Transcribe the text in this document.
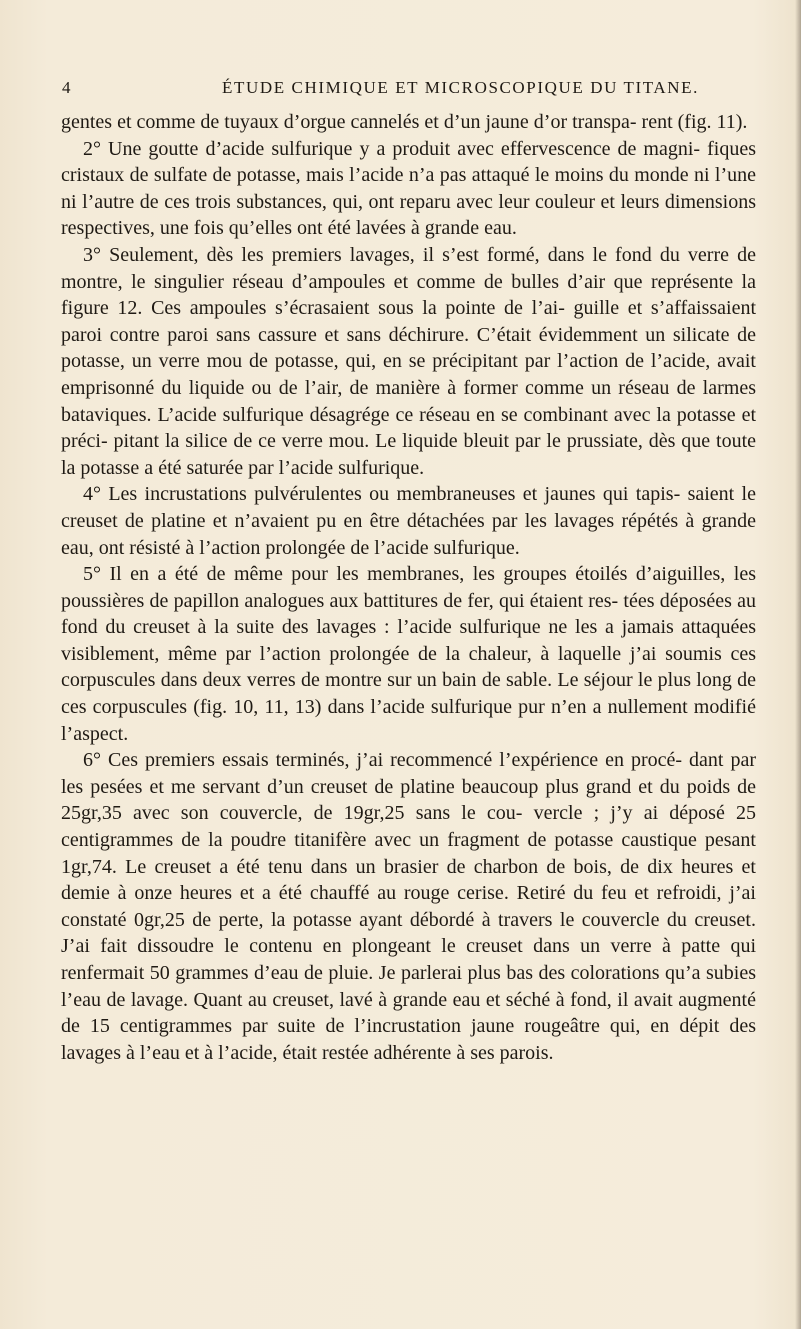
4	ÉTUDE CHIMIQUE ET MICROSCOPIQUE DU TITANE.

gentes et comme de tuyaux d’orgue cannelés et d’un jaune d’or transpa- rent (fig. 11).

2° Une goutte d’acide sulfurique y a produit avec effervescence de magni- fiques cristaux de sulfate de potasse, mais l’acide n’a pas attaqué le moins du monde ni l’une ni l’autre de ces trois substances, qui, ont reparu avec leur couleur et leurs dimensions respectives, une fois qu’elles ont été lavées à grande eau.

3° Seulement, dès les premiers lavages, il s’est formé, dans le fond du verre de montre, le singulier réseau d’ampoules et comme de bulles d’air que représente la figure 12. Ces ampoules s’écrasaient sous la pointe de l’ai- guille et s’affaissaient paroi contre paroi sans cassure et sans déchirure. C’était évidemment un silicate de potasse, un verre mou de potasse, qui, en se précipitant par l’action de l’acide, avait emprisonné du liquide ou de l’air, de manière à former comme un réseau de larmes bataviques. L’acide sulfurique désagrége ce réseau en se combinant avec la potasse et préci- pitant la silice de ce verre mou. Le liquide bleuit par le prussiate, dès que toute la potasse a été saturée par l’acide sulfurique.

4° Les incrustations pulvérulentes ou membraneuses et jaunes qui tapis- saient le creuset de platine et n’avaient pu en être détachées par les lavages répétés à grande eau, ont résisté à l’action prolongée de l’acide sulfurique.

5° Il en a été de même pour les membranes, les groupes étoilés d’aiguilles, les poussières de papillon analogues aux battitures de fer, qui étaient res- tées déposées au fond du creuset à la suite des lavages : l’acide sulfurique ne les a jamais attaquées visiblement, même par l’action prolongée de la chaleur, à laquelle j’ai soumis ces corpuscules dans deux verres de montre sur un bain de sable. Le séjour le plus long de ces corpuscules (fig. 10, 11, 13) dans l’acide sulfurique pur n’en a nullement modifié l’aspect.

6° Ces premiers essais terminés, j’ai recommencé l’expérience en procé- dant par les pesées et me servant d’un creuset de platine beaucoup plus grand et du poids de 25gr,35 avec son couvercle, de 19gr,25 sans le cou- vercle ; j’y ai déposé 25 centigrammes de la poudre titanifère avec un fragment de potasse caustique pesant 1gr,74. Le creuset a été tenu dans un brasier de charbon de bois, de dix heures et demie à onze heures et a été chauffé au rouge cerise. Retiré du feu et refroidi, j’ai constaté 0gr,25 de perte, la potasse ayant débordé à travers le couvercle du creuset. J’ai fait dissoudre le contenu en plongeant le creuset dans un verre à patte qui renfermait 50 grammes d’eau de pluie. Je parlerai plus bas des colorations qu’a subies l’eau de lavage. Quant au creuset, lavé à grande eau et séché à fond, il avait augmenté de 15 centigrammes par suite de l’incrustation jaune rougeâtre qui, en dépit des lavages à l’eau et à l’acide, était restée adhérente à ses parois.
